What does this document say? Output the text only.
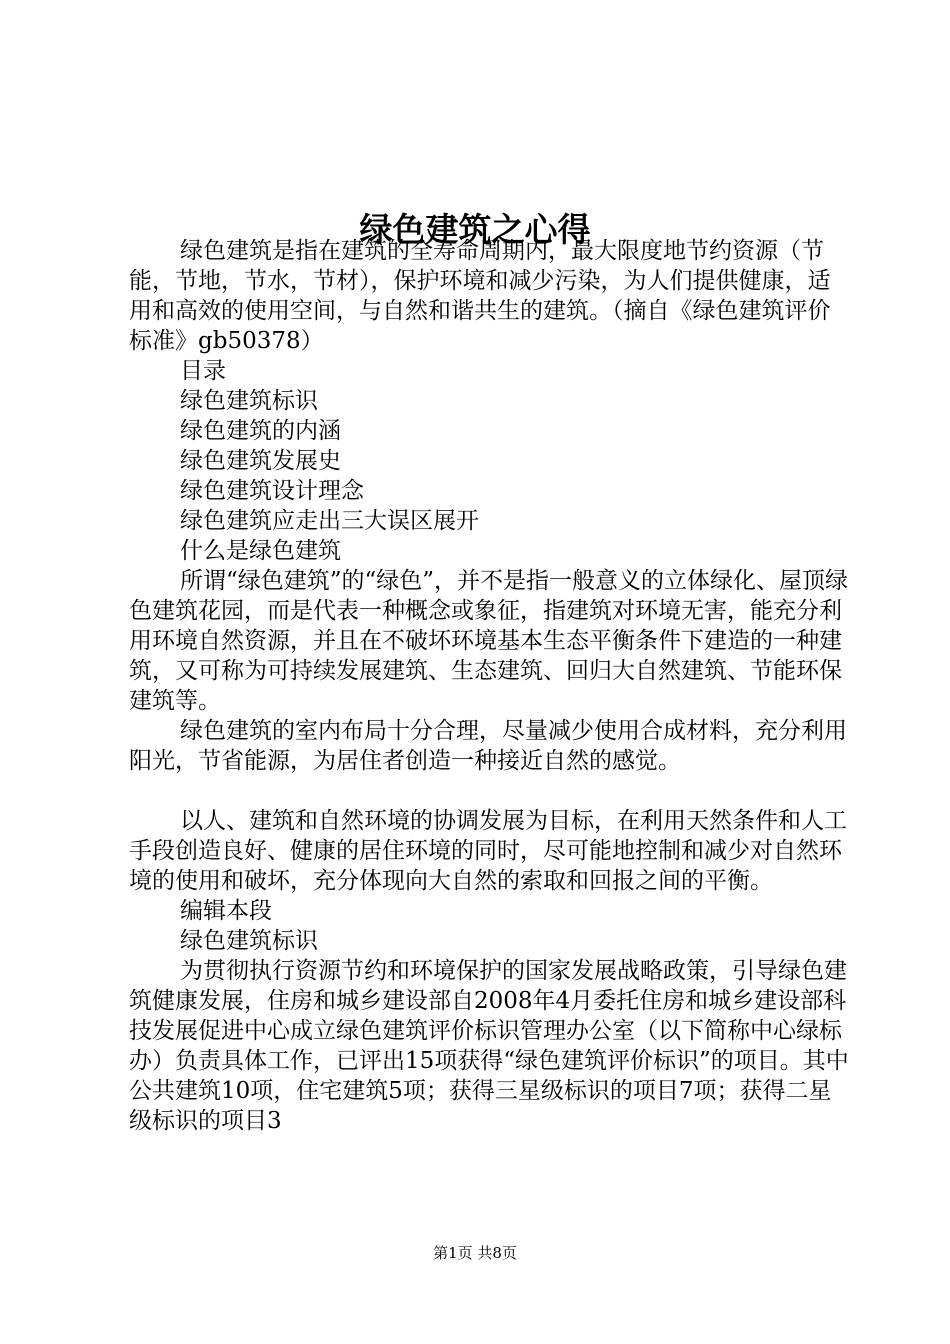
绿色建筑之心得

绿色建筑是指在建筑的全寿命周期内，最大限度地节约资源（节能，节地，节水，节材），保护环境和减少污染，为人们提供健康，适用和高效的使用空间，与自然和谐共生的建筑。（摘自《绿色建筑评价标准》gb50378）

目录

绿色建筑标识

绿色建筑的内涵

绿色建筑发展史

绿色建筑设计理念

绿色建筑应走出三大误区展开

什么是绿色建筑

所谓“绿色建筑”的“绿色”，并不是指一般意义的立体绿化、屋顶绿色建筑花园，而是代表一种概念或象征，指建筑对环境无害，能充分利用环境自然资源，并且在不破坏环境基本生态平衡条件下建造的一种建筑，又可称为可持续发展建筑、生态建筑、回归大自然建筑、节能环保建筑等。

绿色建筑的室内布局十分合理，尽量减少使用合成材料，充分利用阳光，节省能源，为居住者创造一种接近自然的感觉。

以人、建筑和自然环境的协调发展为目标，在利用天然条件和人工手段创造良好、健康的居住环境的同时，尽可能地控制和减少对自然环境的使用和破坏，充分体现向大自然的索取和回报之间的平衡。

编辑本段

绿色建筑标识

为贯彻执行资源节约和环境保护的国家发展战略政策，引导绿色建筑健康发展，住房和城乡建设部自2008年4月委托住房和城乡建设部科技发展促进中心成立绿色建筑评价标识管理办公室（以下简称中心绿标办）负责具体工作，已评出15项获得“绿色建筑评价标识”的项目。其中公共建筑10项，住宅建筑5项；获得三星级标识的项目7项；获得二星级标识的项目3

第1页 共8页
